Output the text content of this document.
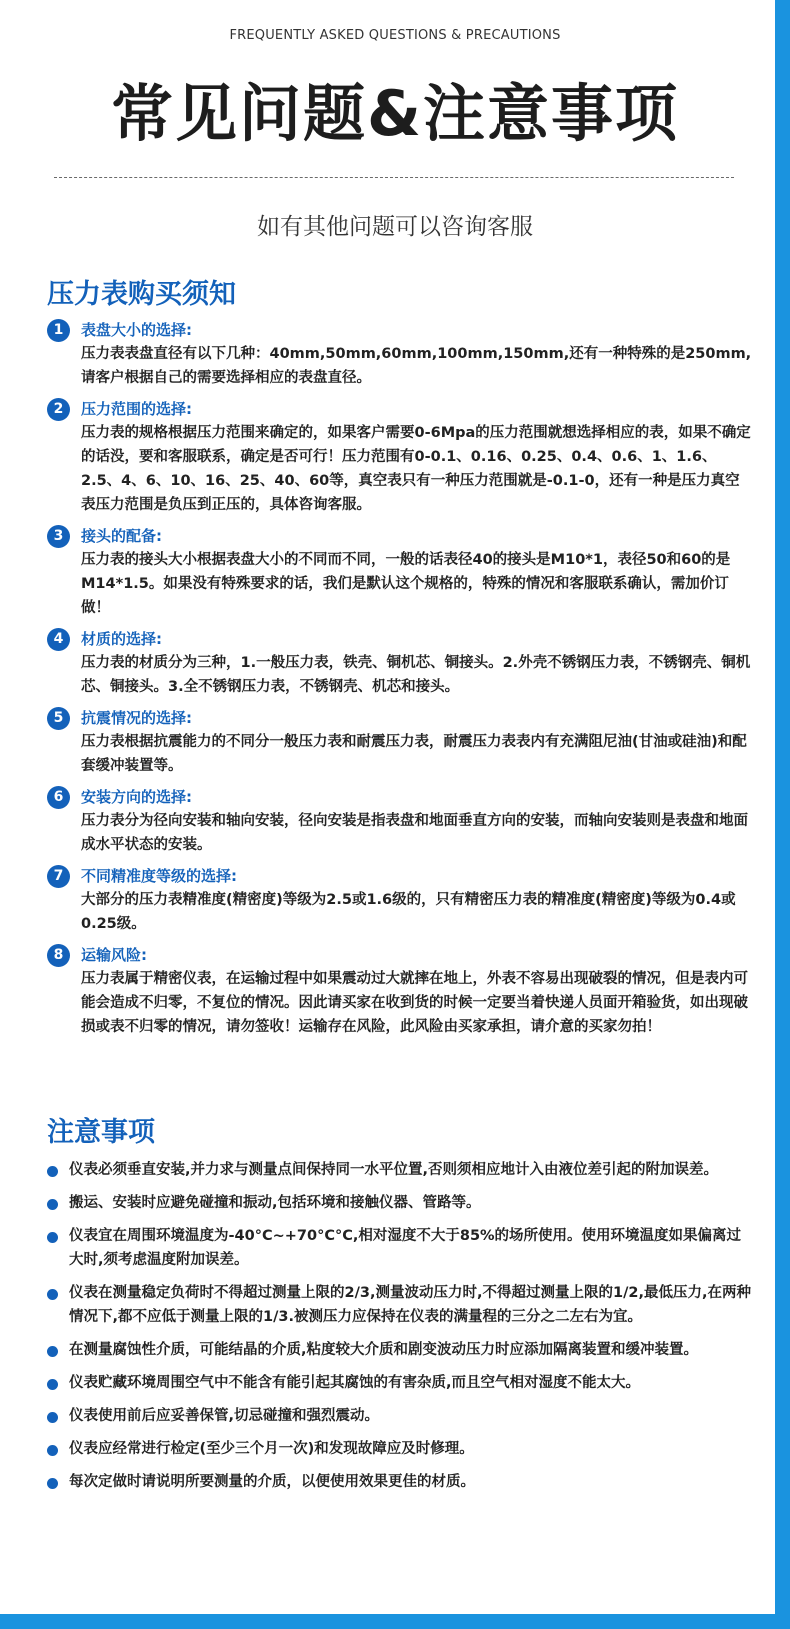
FREQUENTLY ASKED QUESTIONS & PRECAUTIONS
常见问题&注意事项
如有其他问题可以咨询客服
压力表购买须知
1	表盘大小的选择:
压力表表盘直径有以下几种：40mm,50mm,60mm,100mm,150mm,还有一种特殊的是250mm,请客户根据自己的需要选择相应的表盘直径。
2	压力范围的选择:
压力表的规格根据压力范围来确定的，如果客户需要0-6Mpa的压力范围就想选择相应的表，如果不确定的话没，要和客服联系，确定是否可行！压力范围有0-0.1、0.16、0.25、0.4、0.6、1、1.6、2.5、4、6、10、16、25、40、60等，真空表只有一种压力范围就是-0.1-0，还有一种是压力真空表压力范围是负压到正压的，具体咨询客服。
3	接头的配备:
压力表的接头大小根据表盘大小的不同而不同，一般的话表径40的接头是M10*1，表径50和60的是M14*1.5。如果没有特殊要求的话，我们是默认这个规格的，特殊的情况和客服联系确认，需加价订做！
4	材质的选择:
压力表的材质分为三种，1.一般压力表，铁壳、铜机芯、铜接头。2.外壳不锈钢压力表，不锈钢壳、铜机芯、铜接头。3.全不锈钢压力表，不锈钢壳、机芯和接头。
5	抗震情况的选择:
压力表根据抗震能力的不同分一般压力表和耐震压力表，耐震压力表表内有充满阻尼油(甘油或硅油)和配套缓冲装置等。
6	安装方向的选择:
压力表分为径向安装和轴向安装，径向安装是指表盘和地面垂直方向的安装，而轴向安装则是表盘和地面成水平状态的安装。
7	不同精准度等级的选择:
大部分的压力表精准度(精密度)等级为2.5或1.6级的，只有精密压力表的精准度(精密度)等级为0.4或0.25级。
8	运输风险:
压力表属于精密仪表，在运输过程中如果震动过大就摔在地上，外表不容易出现破裂的情况，但是表内可能会造成不归零，不复位的情况。因此请买家在收到货的时候一定要当着快递人员面开箱验货，如出现破损或表不归零的情况，请勿签收！运输存在风险，此风险由买家承担，请介意的买家勿拍！
注意事项
仪表必须垂直安装,并力求与测量点间保持同一水平位置,否则须相应地计入由液位差引起的附加误差。
搬运、安装时应避免碰撞和振动,包括环境和接触仪器、管路等。
仪表宜在周围环境温度为-40°C~+70°C°C,相对湿度不大于85%的场所使用。使用环境温度如果偏离过大时,须考虑温度附加误差。
仪表在测量稳定负荷时不得超过测量上限的2/3,测量波动压力时,不得超过测量上限的1/2,最低压力,在两种情况下,都不应低于测量上限的1/3.被测压力应保持在仪表的满量程的三分之二左右为宜。
在测量腐蚀性介质，可能结晶的介质,粘度较大介质和剧变波动压力时应添加隔离装置和缓冲装置。
仪表贮藏环境周围空气中不能含有能引起其腐蚀的有害杂质,而且空气相对湿度不能太大。
仪表使用前后应妥善保管,切忌碰撞和强烈震动。
仪表应经常进行检定(至少三个月一次)和发现故障应及时修理。
每次定做时请说明所要测量的介质，以便使用效果更佳的材质。
